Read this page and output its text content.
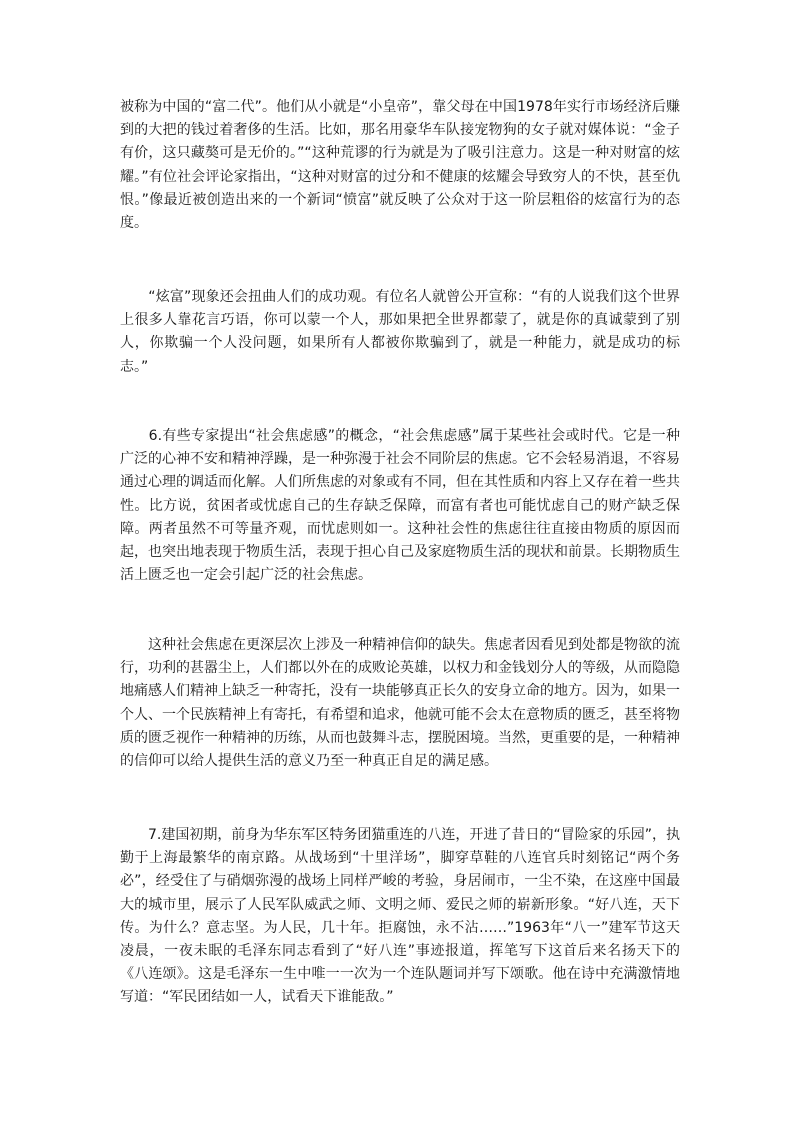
被称为中国的“富二代”。他们从小就是“小皇帝”，靠父母在中国1978年实行市场经济后赚到的大把的钱过着奢侈的生活。比如，那名用豪华车队接宠物狗的女子就对媒体说：“金子有价，这只藏獒可是无价的。”“这种荒谬的行为就是为了吸引注意力。这是一种对财富的炫耀。”有位社会评论家指出，“这种对财富的过分和不健康的炫耀会导致穷人的不快，甚至仇恨。”像最近被创造出来的一个新词“愤富”就反映了公众对于这一阶层粗俗的炫富行为的态度。

　　“炫富”现象还会扭曲人们的成功观。有位名人就曾公开宣称：“有的人说我们这个世界上很多人靠花言巧语，你可以蒙一个人，那如果把全世界都蒙了，就是你的真诚蒙到了别人，你欺骗一个人没问题，如果所有人都被你欺骗到了，就是一种能力，就是成功的标志。”

　　6.有些专家提出“社会焦虑感”的概念，“社会焦虑感”属于某些社会或时代。它是一种广泛的心神不安和精神浮躁，是一种弥漫于社会不同阶层的焦虑。它不会轻易消退，不容易通过心理的调适而化解。人们所焦虑的对象或有不同，但在其性质和内容上又存在着一些共性。比方说，贫困者或忧虑自己的生存缺乏保障，而富有者也可能忧虑自己的财产缺乏保障。两者虽然不可等量齐观，而忧虑则如一。这种社会性的焦虑往往直接由物质的原因而起，也突出地表现于物质生活，表现于担心自己及家庭物质生活的现状和前景。长期物质生活上匮乏也一定会引起广泛的社会焦虑。

　　这种社会焦虑在更深层次上涉及一种精神信仰的缺失。焦虑者因看见到处都是物欲的流行，功利的甚嚣尘上，人们都以外在的成败论英雄，以权力和金钱划分人的等级，从而隐隐地痛感人们精神上缺乏一种寄托，没有一块能够真正长久的安身立命的地方。因为，如果一个人、一个民族精神上有寄托，有希望和追求，他就可能不会太在意物质的匮乏，甚至将物质的匮乏视作一种精神的历练，从而也鼓舞斗志，摆脱困境。当然，更重要的是，一种精神的信仰可以给人提供生活的意义乃至一种真正自足的满足感。

　　7.建国初期，前身为华东军区特务团猫重连的八连，开进了昔日的“冒险家的乐园”，执勤于上海最繁华的南京路。从战场到“十里洋场”，脚穿草鞋的八连官兵时刻铭记“两个务必”，经受住了与硝烟弥漫的战场上同样严峻的考验，身居闹市，一尘不染，在这座中国最大的城市里，展示了人民军队威武之师、文明之师、爱民之师的崭新形象。“好八连，天下传。为什么？意志坚。为人民，几十年。拒腐蚀，永不沾……”1963年“八一”建军节这天凌晨，一夜未眠的毛泽东同志看到了“好八连”事迹报道，挥笔写下这首后来名扬天下的《八连颂》。这是毛泽东一生中唯一一次为一个连队题词并写下颂歌。他在诗中充满激情地写道：“军民团结如一人，试看天下谁能敌。”
